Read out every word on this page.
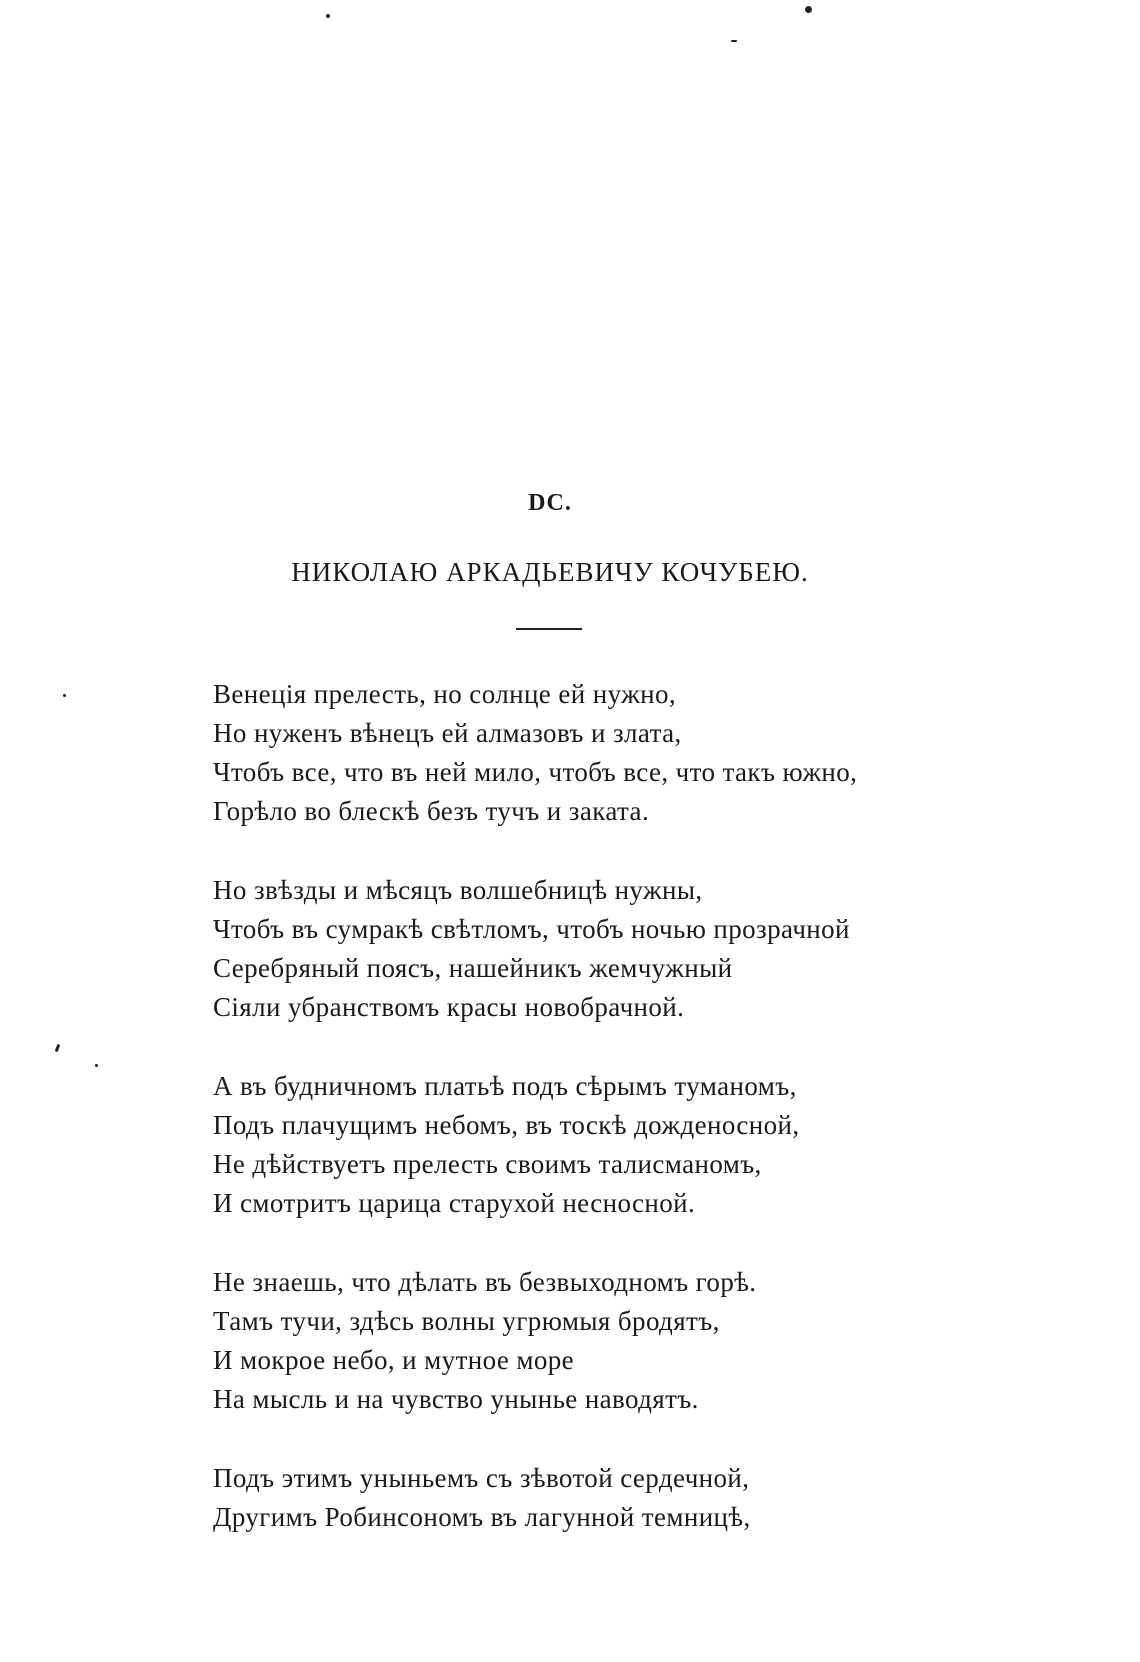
DC.
НИКОЛАЮ АРКАДЬЕВИЧУ КОЧУБЕЮ.
Венеція прелесть, но солнце ей нужно,
Но нуженъ вѣнецъ ей алмазовъ и злата,
Чтобъ все, что въ ней мило, чтобъ все, что такъ южно,
Горѣло во блескѣ безъ тучъ и заката.
Но звѣзды и мѣсяцъ волшебницѣ нужны,
Чтобъ въ сумракѣ свѣтломъ, чтобъ ночью прозрачной
Серебряный поясъ, нашейникъ жемчужный
Сіяли убранствомъ красы новобрачной.
А въ будничномъ платьѣ подъ сѣрымъ туманомъ,
Подъ плачущимъ небомъ, въ тоскѣ дожденосной,
Не дѣйствуетъ прелесть своимъ талисманомъ,
И смотритъ царица старухой несносной.
Не знаешь, что дѣлать въ безвыходномъ горѣ.
Тамъ тучи, здѣсь волны угрюмыя бродятъ,
И мокрое небо, и мутное море
На мысль и на чувство унынье наводятъ.
Подъ этимъ уныньемъ съ зѣвотой сердечной,
Другимъ Робинсономъ въ лагунной темницѣ,
